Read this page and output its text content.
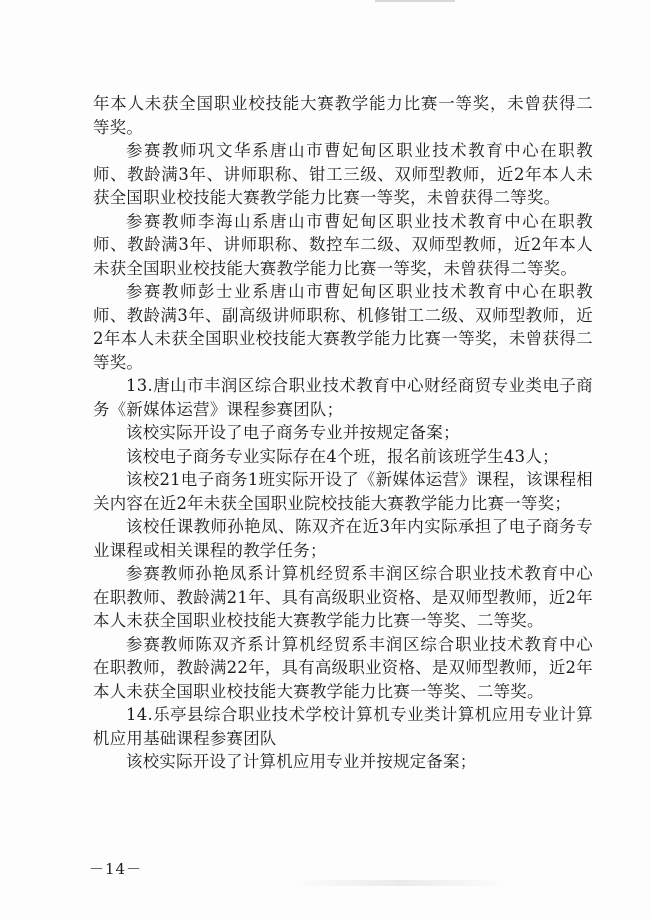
年本人未获全国职业校技能大赛教学能力比赛一等奖，未曾获得二等奖。

参赛教师巩文华系唐山市曹妃甸区职业技术教育中心在职教师、教龄满3年、讲师职称、钳工三级、双师型教师，近2年本人未获全国职业校技能大赛教学能力比赛一等奖，未曾获得二等奖。

参赛教师李海山系唐山市曹妃甸区职业技术教育中心在职教师、教龄满3年、讲师职称、数控车二级、双师型教师，近2年本人未获全国职业校技能大赛教学能力比赛一等奖，未曾获得二等奖。

参赛教师彭士业系唐山市曹妃甸区职业技术教育中心在职教师、教龄满3年、副高级讲师职称、机修钳工二级、双师型教师，近2年本人未获全国职业校技能大赛教学能力比赛一等奖，未曾获得二等奖。

13.唐山市丰润区综合职业技术教育中心财经商贸专业类电子商务《新媒体运营》课程参赛团队；

该校实际开设了电子商务专业并按规定备案；

该校电子商务专业实际存在4个班，报名前该班学生43人；

该校21电子商务1班实际开设了《新媒体运营》课程，该课程相关内容在近2年未获全国职业院校技能大赛教学能力比赛一等奖；

该校任课教师孙艳凤、陈双齐在近3年内实际承担了电子商务专业课程或相关课程的教学任务；

参赛教师孙艳凤系计算机经贸系丰润区综合职业技术教育中心在职教师、教龄满21年、具有高级职业资格、是双师型教师，近2年本人未获全国职业校技能大赛教学能力比赛一等奖、二等奖。

参赛教师陈双齐系计算机经贸系丰润区综合职业技术教育中心在职教师，教龄满22年，具有高级职业资格、是双师型教师，近2年本人未获全国职业校技能大赛教学能力比赛一等奖、二等奖。

14.乐亭县综合职业技术学校计算机专业类计算机应用专业计算机应用基础课程参赛团队

该校实际开设了计算机应用专业并按规定备案；

－14－
